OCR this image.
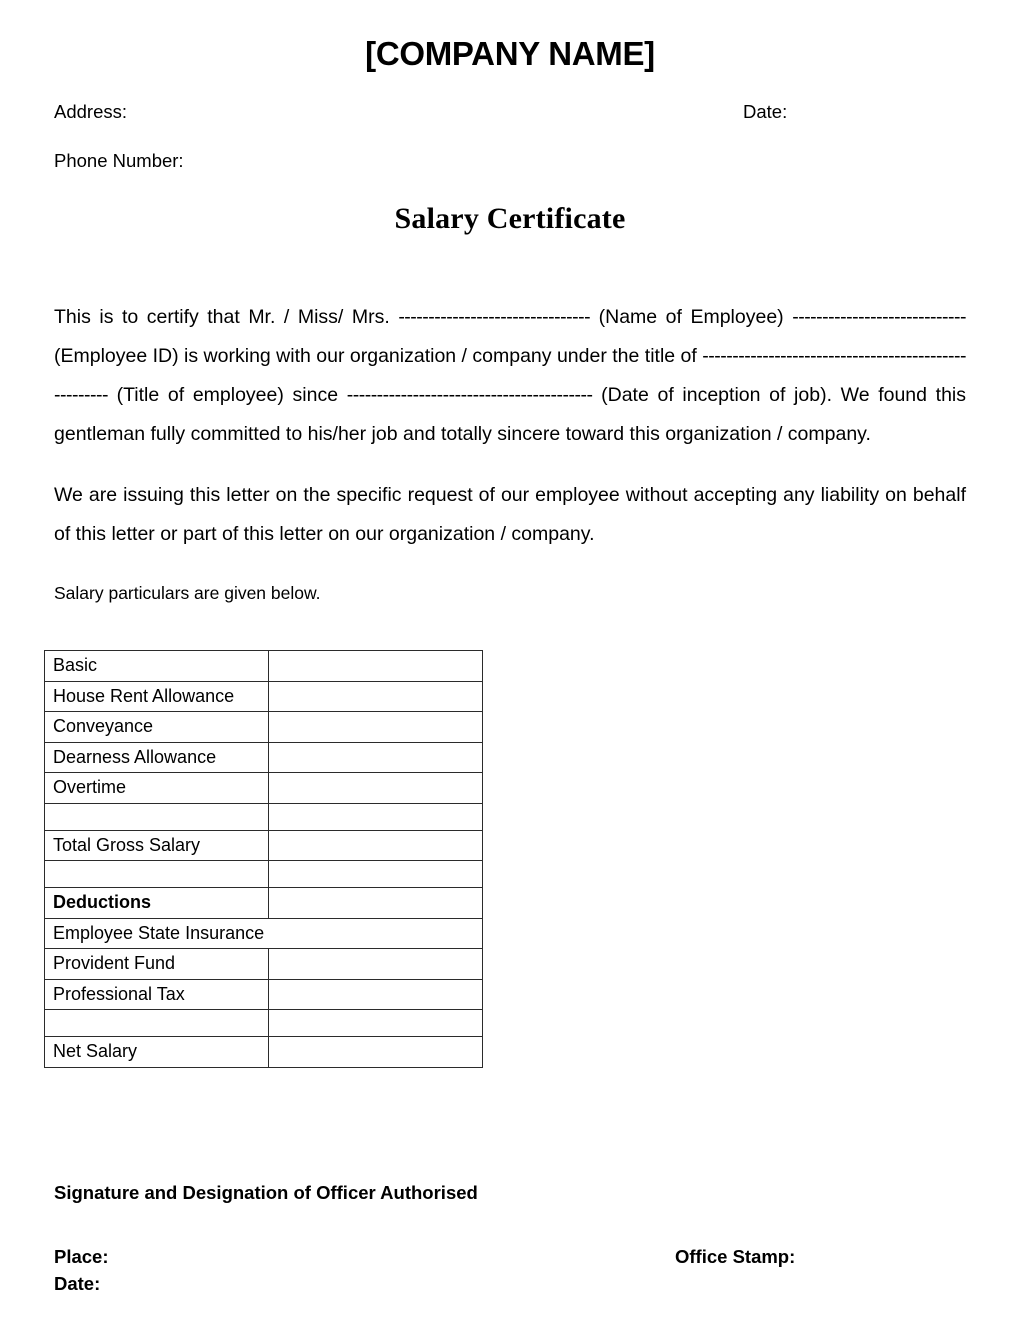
[COMPANY NAME]
Address:	Date:
Phone Number:
Salary Certificate

This is to certify that Mr. / Miss/ Mrs. -------------------------------- (Name of Employee) ----------------------------- (Employee ID) is working with our organization / company under the title of ----------------------------------------------------- (Title of employee) since ----------------------------------------- (Date of inception of job). We found this gentleman fully committed to his/her job and totally sincere toward this organization / company.

We are issuing this letter on the specific request of our employee without accepting any liability on behalf of this letter or part of this letter on our organization / company.

Salary particulars are given below.

Basic	
House Rent Allowance	
Conveyance	
Dearness Allowance	
Overtime	

Total Gross Salary	

Deductions	
Employee State Insurance	
Provident Fund	
Professional Tax	

Net Salary	
Signature and Designation of Officer Authorised
Place:	Office Stamp:
Date:
